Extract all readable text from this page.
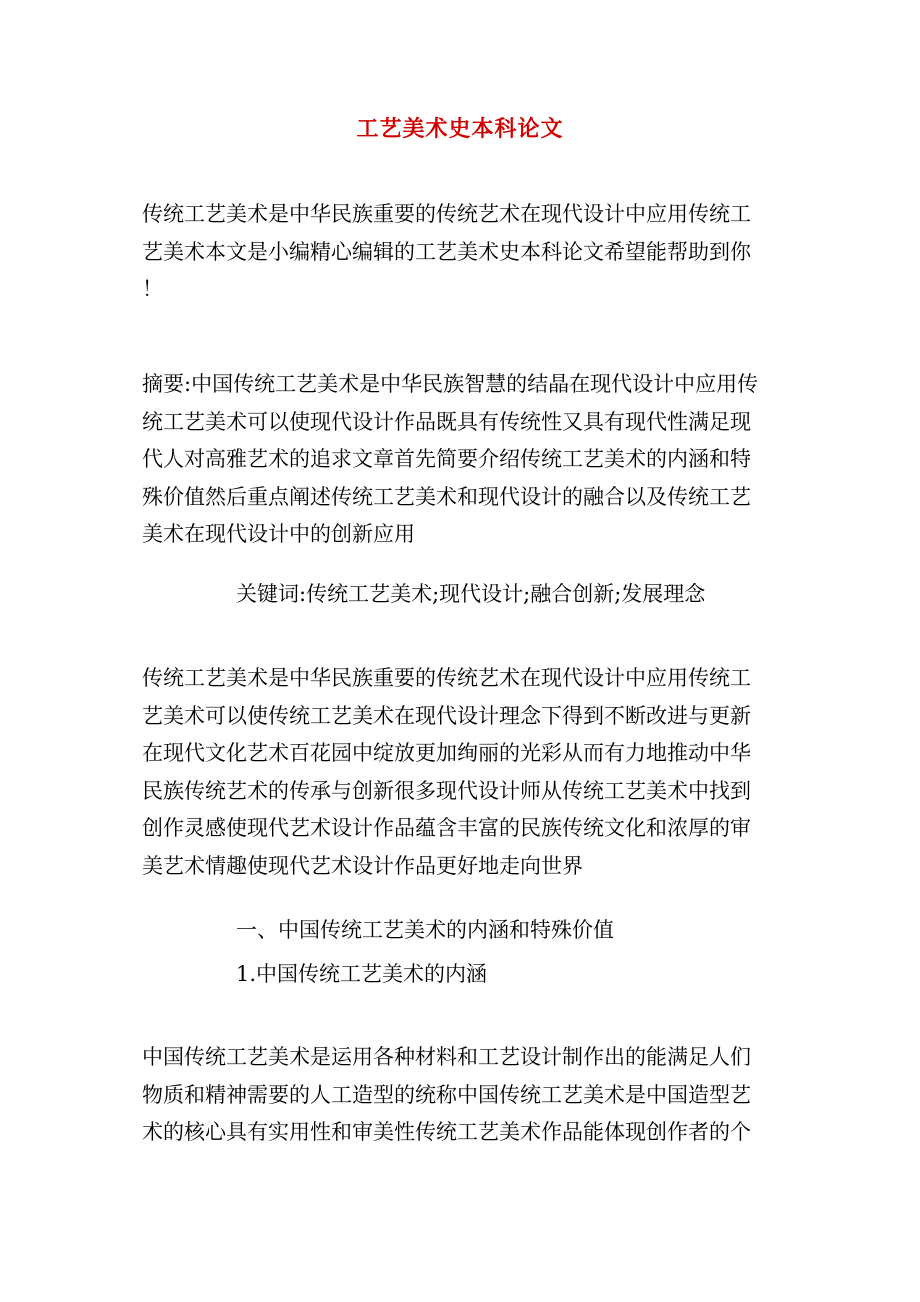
工艺美术史本科论文
传统工艺美术是中华民族重要的传统艺术在现代设计中应用传统工
艺美术本文是小编精心编辑的工艺美术史本科论文希望能帮助到你
！
摘要:中国传统工艺美术是中华民族智慧的结晶在现代设计中应用传
统工艺美术可以使现代设计作品既具有传统性又具有现代性满足现
代人对高雅艺术的追求文章首先简要介绍传统工艺美术的内涵和特
殊价值然后重点阐述传统工艺美术和现代设计的融合以及传统工艺
美术在现代设计中的创新应用
关键词:传统工艺美术;现代设计;融合创新;发展理念
传统工艺美术是中华民族重要的传统艺术在现代设计中应用传统工
艺美术可以使传统工艺美术在现代设计理念下得到不断改进与更新
在现代文化艺术百花园中绽放更加绚丽的光彩从而有力地推动中华
民族传统艺术的传承与创新很多现代设计师从传统工艺美术中找到
创作灵感使现代艺术设计作品蕴含丰富的民族传统文化和浓厚的审
美艺术情趣使现代艺术设计作品更好地走向世界
一、中国传统工艺美术的内涵和特殊价值
1.中国传统工艺美术的内涵
中国传统工艺美术是运用各种材料和工艺设计制作出的能满足人们
物质和精神需要的人工造型的统称中国传统工艺美术是中国造型艺
术的核心具有实用性和审美性传统工艺美术作品能体现创作者的个
